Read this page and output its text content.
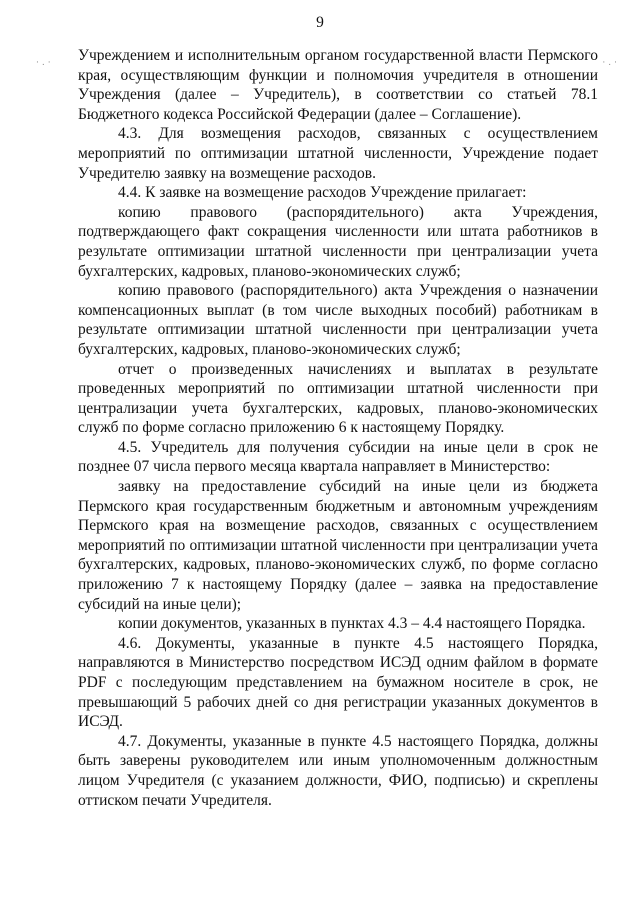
·.·	·.·
9

Учреждением и исполнительным органом государственной власти Пермского края, осуществляющим функции и полномочия учредителя в отношении Учреждения (далее – Учредитель), в соответствии со статьей 78.1 Бюджетного кодекса Российской Федерации (далее – Соглашение).

4.3. Для возмещения расходов, связанных с осуществлением мероприятий по оптимизации штатной численности, Учреждение подает Учредителю заявку на возмещение расходов.

4.4. К заявке на возмещение расходов Учреждение прилагает:

копию правового (распорядительного) акта Учреждения, подтверждающего факт сокращения численности или штата работников в результате оптимизации штатной численности при централизации учета бухгалтерских, кадровых, планово-экономических служб;

копию правового (распорядительного) акта Учреждения о назначении компенсационных выплат (в том числе выходных пособий) работникам в результате оптимизации штатной численности при централизации учета бухгалтерских, кадровых, планово-экономических служб;

отчет о произведенных начислениях и выплатах в результате проведенных мероприятий по оптимизации штатной численности при централизации учета бухгалтерских, кадровых, планово-экономических служб по форме согласно приложению 6 к настоящему Порядку.

4.5. Учредитель для получения субсидии на иные цели в срок не позднее 07 числа первого месяца квартала направляет в Министерство:

заявку на предоставление субсидий на иные цели из бюджета Пермского края государственным бюджетным и автономным учреждениям Пермского края на возмещение расходов, связанных с осуществлением мероприятий по оптимизации штатной численности при централизации учета бухгалтерских, кадровых, планово-экономических служб, по форме согласно приложению 7 к настоящему Порядку (далее – заявка на предоставление субсидий на иные цели);

копии документов, указанных в пунктах 4.3 – 4.4 настоящего Порядка.

4.6. Документы, указанные в пункте 4.5 настоящего Порядка, направляются в Министерство посредством ИСЭД одним файлом в формате PDF с последующим представлением на бумажном носителе в срок, не превышающий 5 рабочих дней со дня регистрации указанных документов в ИСЭД.

4.7. Документы, указанные в пункте 4.5 настоящего Порядка, должны быть заверены руководителем или иным уполномоченным должностным лицом Учредителя (с указанием должности, ФИО, подписью) и скреплены оттиском печати Учредителя.
